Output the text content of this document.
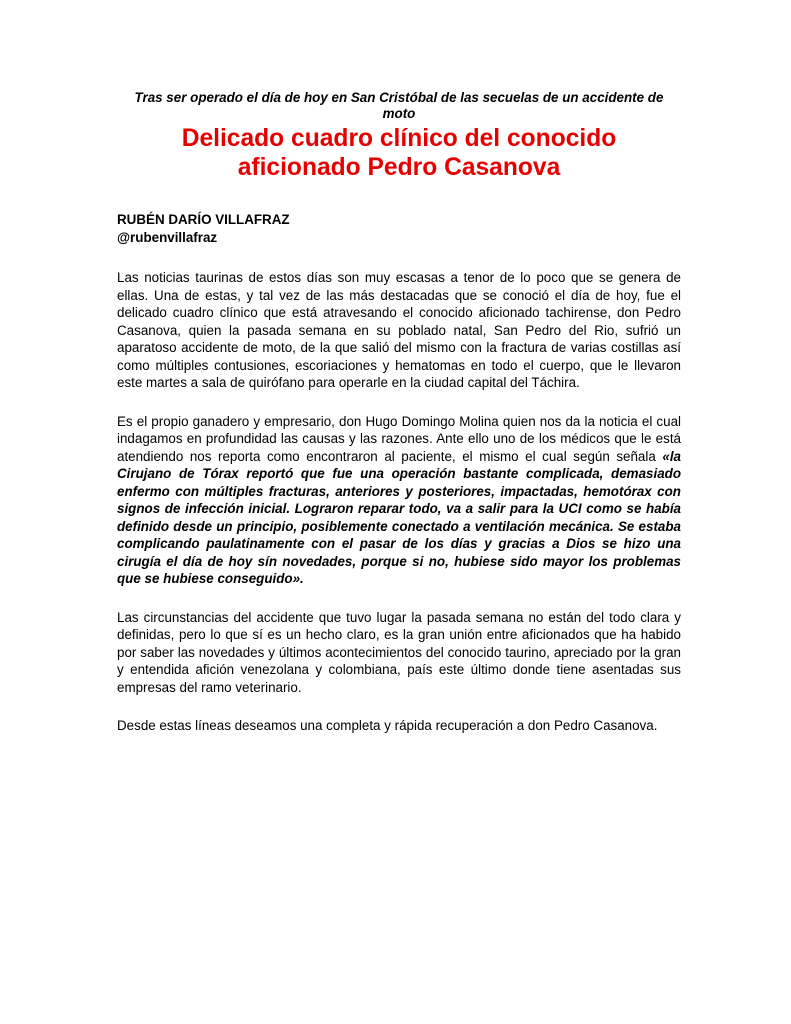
Tras ser operado el día de hoy en San Cristóbal de las secuelas de un accidente de moto

Delicado cuadro clínico del conocido aficionado Pedro Casanova
RUBÉN DARÍO VILLAFRAZ
@rubenvillafraz

Las noticias taurinas de estos días son muy escasas a tenor de lo poco que se genera de ellas. Una de estas, y tal vez de las más destacadas que se conoció el día de hoy, fue el delicado cuadro clínico que está atravesando el conocido aficionado tachirense, don Pedro Casanova, quien la pasada semana en su poblado natal, San Pedro del Rio, sufrió un aparatoso accidente de moto, de la que salió del mismo con la fractura de varias costillas así como múltiples contusiones, escoriaciones y hematomas en todo el cuerpo, que le llevaron este martes a sala de quirófano para operarle en la ciudad capital del Táchira.

Es el propio ganadero y empresario, don Hugo Domingo Molina quien nos da la noticia el cual indagamos en profundidad las causas y las razones. Ante ello uno de los médicos que le está atendiendo nos reporta como encontraron al paciente, el mismo el cual según señala «la Cirujano de Tórax reportó que fue una operación bastante complicada, demasiado enfermo con múltiples fracturas, anteriores y posteriores, impactadas, hemotórax con signos de infección inicial. Lograron reparar todo, va a salir para la UCI como se había definido desde un principio, posiblemente conectado a ventilación mecánica. Se estaba complicando paulatinamente con el pasar de los días y gracias a Dios se hizo una cirugía el día de hoy sín novedades, porque si no, hubiese sido mayor los problemas que se hubiese conseguido».

Las circunstancias del accidente que tuvo lugar la pasada semana no están del todo clara y definidas, pero lo que sí es un hecho claro, es la gran unión entre aficionados que ha habido por saber las novedades y últimos acontecimientos del conocido taurino, apreciado por la gran y entendida afición venezolana y colombiana, país este último donde tiene asentadas sus empresas del ramo veterinario.

Desde estas líneas deseamos una completa y rápida recuperación a don Pedro Casanova.
